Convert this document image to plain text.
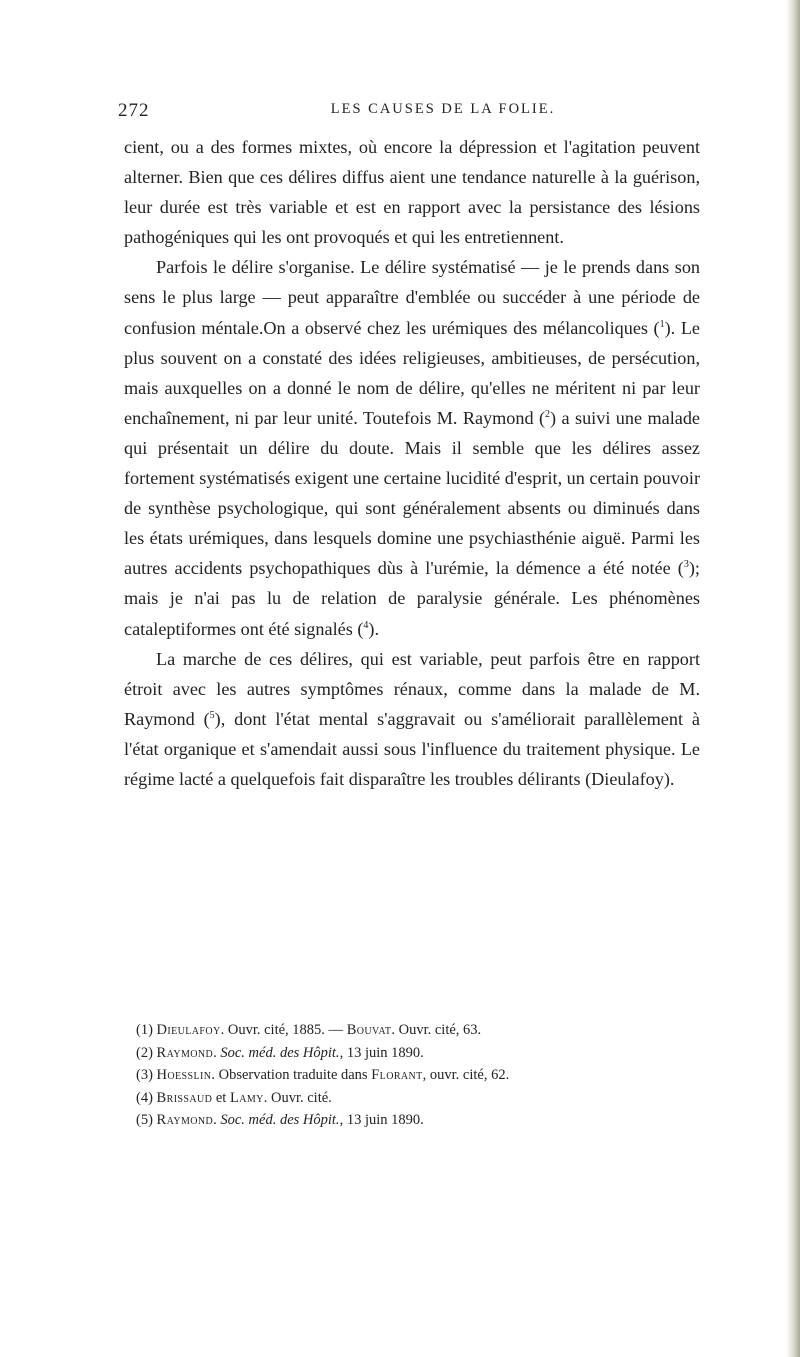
272	LES CAUSES DE LA FOLIE.

cient, ou a des formes mixtes, où encore la dépression et l'agitation peuvent alterner. Bien que ces délires diffus aient une tendance naturelle à la guérison, leur durée est très variable et est en rapport avec la persistance des lésions pathogéniques qui les ont provoqués et qui les entretiennent.

Parfois le délire s'organise. Le délire systématisé — je le prends dans son sens le plus large — peut apparaître d'emblée ou succéder à une période de confusion méntale.On a observé chez les urémiques des mélancoliques ($^1$). Le plus souvent on a constaté des idées religieuses, ambitieuses, de persécution, mais auxquelles on a donné le nom de délire, qu'elles ne méritent ni par leur enchaînement, ni par leur unité. Toutefois M. Raymond ($^2$) a suivi une malade qui présentait un délire du doute. Mais il semble que les délires assez fortement systématisés exigent une certaine lucidité d'esprit, un certain pouvoir de synthèse psychologique, qui sont généralement absents ou diminués dans les états urémiques, dans lesquels domine une psychiasthénie aiguë. Parmi les autres accidents psychopathiques dùs à l'urémie, la démence a été notée ($^3$); mais je n'ai pas lu de relation de paralysie générale. Les phénomènes cataleptiformes ont été signalés ($^4$).

La marche de ces délires, qui est variable, peut parfois être en rapport étroit avec les autres symptômes rénaux, comme dans la malade de M. Raymond ($^5$), dont l'état mental s'aggravait ou s'améliorait parallèlement à l'état organique et s'amendait aussi sous l'influence du traitement physique. Le régime lacté a quelquefois fait disparaître les troubles délirants (Dieulafoy).

(1) Dieulafoy. Ouvr. cité, 1885. — Bouvat. Ouvr. cité, 63.
(2) Raymond. Soc. méd. des Hôpit., 13 juin 1890.
(3) Hoesslin. Observation traduite dans Florant, ouvr. cité, 62.
(4) Brissaud et Lamy. Ouvr. cité.
(5) Raymond. Soc. méd. des Hôpit., 13 juin 1890.
